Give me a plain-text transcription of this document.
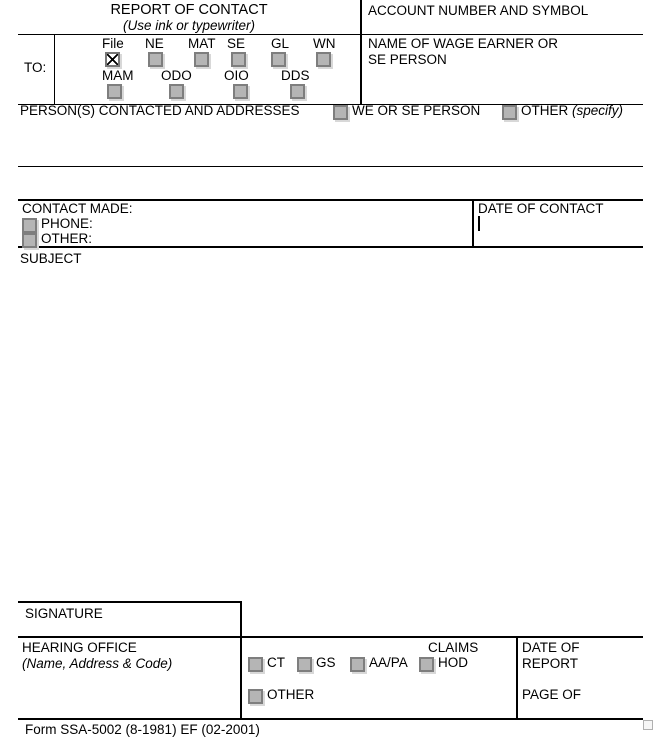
REPORT OF CONTACT
(Use ink or typewriter)
ACCOUNT NUMBER AND SYMBOL
TO:
File NE MAT SE GL WN
MAM ODO OIO DDS
NAME OF WAGE EARNER OR
SE PERSON
PERSON(S) CONTACTED AND ADDRESSES	WE OR SE PERSON	OTHER (specify)
CONTACT MADE:
PHONE:
OTHER:
DATE OF CONTACT
SUBJECT
SIGNATURE
HEARING OFFICE
(Name, Address & Code)
CLAIMS
CT GS AA/PA HOD
OTHER
DATE OF
REPORT
PAGE OF
Form SSA-5002 (8-1981) EF (02-2001)
